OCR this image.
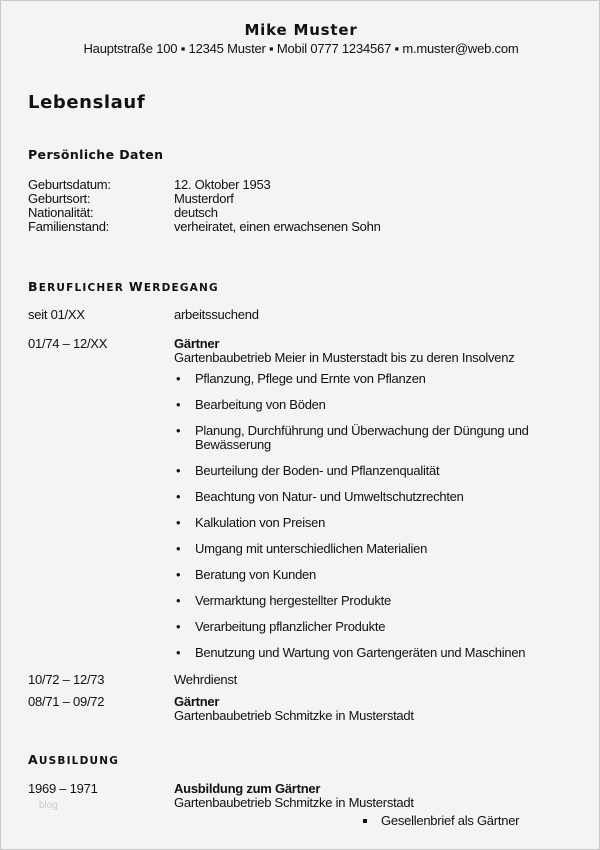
Mike Muster
Hauptstraße 100 ▪ 12345 Muster ▪ Mobil 0777 1234567 ▪ m.muster@web.com
Lebenslauf
Persönliche Daten
Geburtsdatum:	12. Oktober 1953
Geburtsort:	Musterdorf
Nationalität:	deutsch
Familienstand:	verheiratet, einen erwachsenen Sohn
BERUFLICHER WERDEGANG
seit 01/XX	arbeitssuchend
01/74 – 12/XX	Gärtner
Gartenbaubetrieb Meier in Musterstadt bis zu deren Insolvenz
• Pflanzung, Pflege und Ernte von Pflanzen
• Bearbeitung von Böden
• Planung, Durchführung und Überwachung der Düngung und
Bewässerung
• Beurteilung der Boden- und Pflanzenqualität
• Beachtung von Natur- und Umweltschutzrechten
• Kalkulation von Preisen
• Umgang mit unterschiedlichen Materialien
• Beratung von Kunden
• Vermarktung hergestellter Produkte
• Verarbeitung pflanzlicher Produkte
• Benutzung und Wartung von Gartengeräten und Maschinen
10/72 – 12/73	Wehrdienst
08/71 – 09/72	Gärtner
Gartenbaubetrieb Schmitzke in Musterstadt
AUSBILDUNG
1969 – 1971	Ausbildung zum Gärtner
Gartenbaubetrieb Schmitzke in Musterstadt
Gesellenbrief als Gärtner
blog
